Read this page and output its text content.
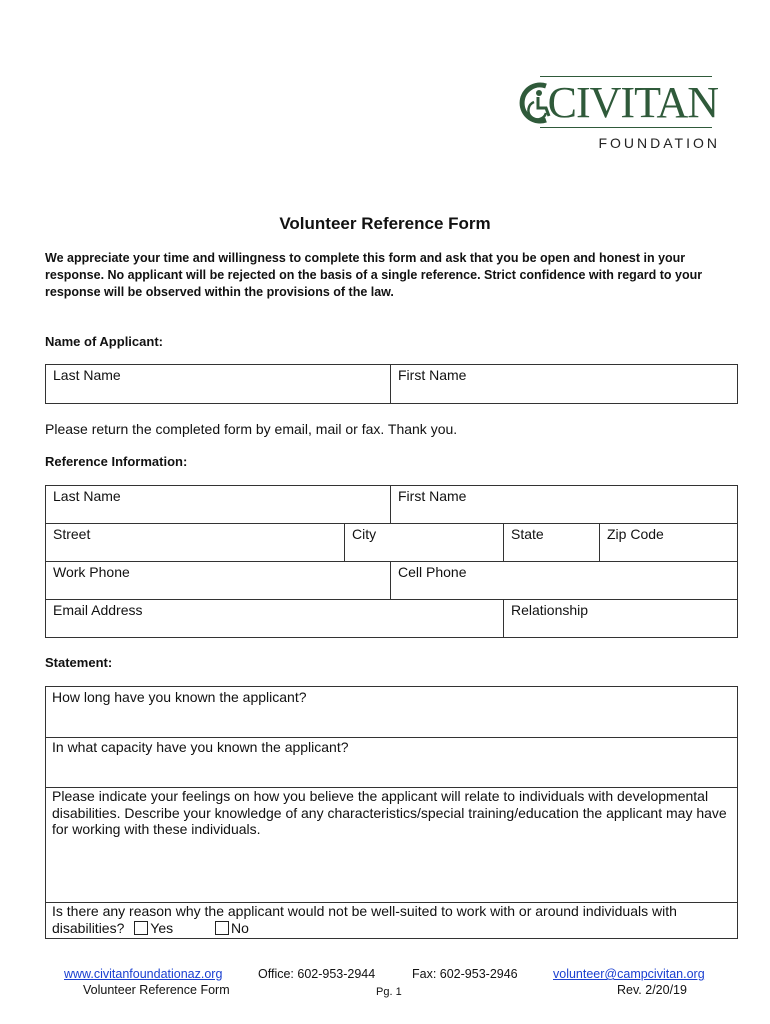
CIVITAN
FOUNDATION
Volunteer Reference Form
We appreciate your time and willingness to complete this form and ask that you be open and honest in your response. No applicant will be rejected on the basis of a single reference. Strict confidence with regard to your response will be observed within the provisions of the law.
Name of Applicant:
Last Name	First Name
Please return the completed form by email, mail or fax. Thank you.
Reference Information:
Last Name	First Name
Street	City	State	Zip Code
Work Phone	Cell Phone
Email Address	Relationship
Statement:
How long have you known the applicant?
In what capacity have you known the applicant?
Please indicate your feelings on how you believe the applicant will relate to individuals with developmental disabilities. Describe your knowledge of any characteristics/special training/education the applicant may have for working with these individuals.
Is there any reason why the applicant would not be well-suited to work with or around individuals with
disabilities? Yes	No
www.civitanfoundationaz.org	Office: 602-953-2944	Fax: 602-953-2946	volunteer@campcivitan.org
Volunteer Reference Form	Pg. 1	Rev. 2/20/19
